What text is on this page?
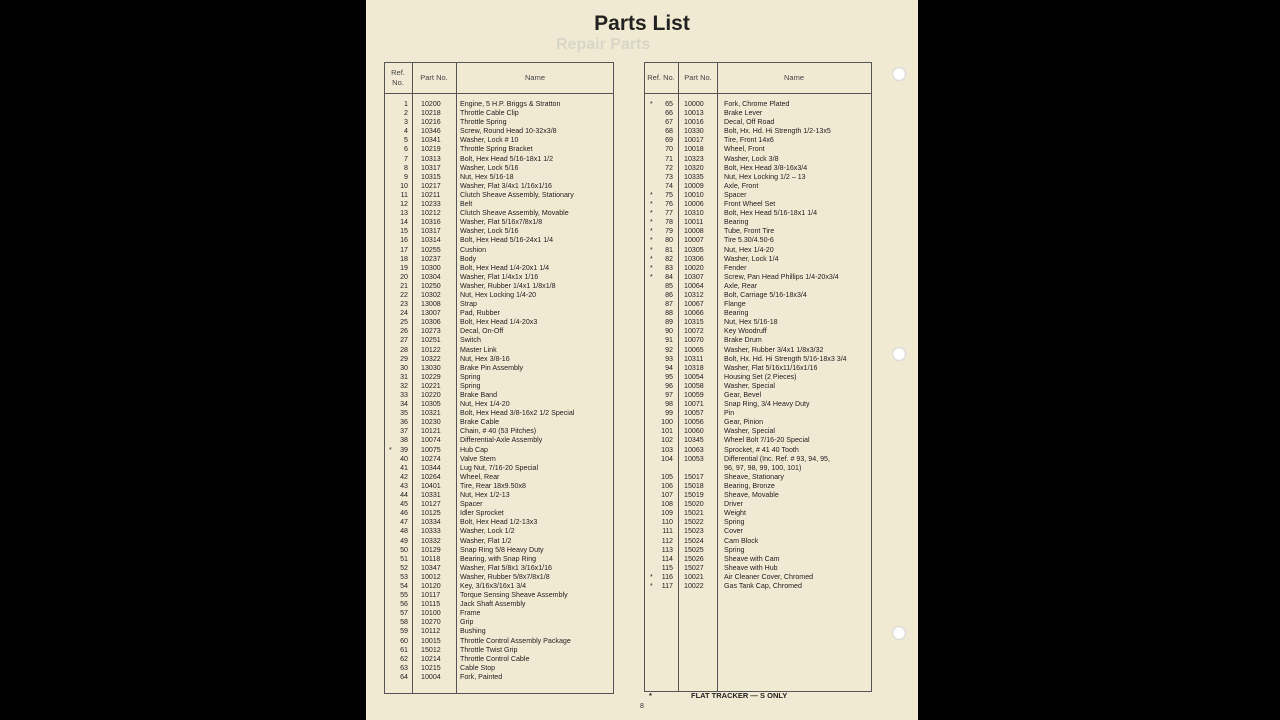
Repair Parts
Parts List
Ref. No.
Part No.	Name
1 10200	Engine, 5 H.P. Briggs & Stratton
2 10218	Throttle Cable Clip
3 10216	Throttle Spring
4 10346	Screw, Round Head 10-32x3/8
5 10341	Washer, Lock # 10
6 10219	Throttle Spring Bracket
7 10313	Bolt, Hex Head 5/16-18x1 1/2
8 10317	Washer, Lock 5/16
9 10315	Nut, Hex 5/16-18
10 10217	Washer, Flat 3/4x1 1/16x1/16
11 10211	Clutch Sheave Assembly, Stationary
12 10233	Belt
13 10212	Clutch Sheave Assembly, Movable
14 10316	Washer, Flat 5/16x7/8x1/8
15 10317	Washer, Lock 5/16
16 10314	Bolt, Hex Head 5/16-24x1 1/4
17 10255	Cushion
18 10237	Body
19 10300	Bolt, Hex Head 1/4-20x1 1/4
20 10304	Washer, Flat 1/4x1x 1/16
21 10250	Washer, Rubber 1/4x1 1/8x1/8
22 10302	Nut, Hex Locking 1/4-20
23 13008	Strap
24 13007	Pad, Rubber
25 10306	Bolt, Hex Head 1/4-20x3
26 10273	Decal, On-Off
27 10251	Switch
28 10122	Master Link
29 10322	Nut, Hex 3/8-16
30 13030	Brake Pin Assembly
31 10229	Spring
32 10221	Spring
33 10220	Brake Band
34 10305	Nut, Hex 1/4-20
35 10321	Bolt, Hex Head 3/8-16x2 1/2 Special
36 10230	Brake Cable
37 10121	Chain, # 40 (53 Pitches)
38 10074	Differential-Axle Assembly
*	39 10075	Hub Cap
40 10274	Valve Stem
41 10344	Lug Nut, 7/16-20 Special
42 10264	Wheel, Rear
43 10401	Tire, Rear 18x9.50x8
44 10331	Nut, Hex 1/2-13
45 10127	Spacer
46 10125	Idler Sprocket
47 10334	Bolt, Hex Head 1/2-13x3
48 10333	Washer, Lock 1/2
49 10332	Washer, Flat 1/2
50 10129	Snap Ring 5/8 Heavy Duty
51 10118	Bearing, with Snap Ring
52 10347	Washer, Flat 5/8x1 3/16x1/16
53 10012	Washer, Rubber 5/8x7/8x1/8
54 10120	Key, 3/16x3/16x1 3/4
55 10117	Torque Sensing Sheave Assembly
56 10115	Jack Shaft Assembly
57 10100	Frame
58 10270	Grip
59 10112	Bushing
60 10015	Throttle Control Assembly Package
61 15012	Throttle Twist Grip
62 10214	Throttle Control Cable
63 10215	Cable Stop
64 10004	Fork, Painted
Ref. No.	Part No.	Name
*	65 10000	Fork, Chrome Plated
66 10013	Brake Lever
67 10016	Decal, Off Road
68 10330	Bolt, Hx. Hd. Hi Strength 1/2-13x5
69 10017	Tire, Front 14x6
70 10018	Wheel, Front
71 10323	Washer, Lock 3/8
72 10320	Bolt, Hex Head 3/8-16x3/4
73 10335	Nut, Hex Locking 1/2 – 13
74 10009	Axle, Front
*	75 10010	Spacer
*	76 10006	Front Wheel Set
*	77 10310	Bolt, Hex Head 5/16-18x1 1/4
*	78 10011	Bearing
*	79 10008	Tube, Front Tire
*	80 10007	Tire 5.30/4.50-6
*	81 10305	Nut, Hex 1/4-20
*	82 10306	Washer, Lock 1/4
*	83 10020	Fender
*	84 10307	Screw, Pan Head Phillips 1/4-20x3/4
85 10064	Axle, Rear
86 10312	Bolt, Carriage 5/16-18x3/4
87 10067	Flange
88 10066	Bearing
89 10315	Nut, Hex 5/16-18
90 10072	Key Woodruff
91 10070	Brake Drum
92 10065	Washer, Rubber 3/4x1 1/8x3/32
93 10311	Bolt, Hx. Hd. Hi Strength 5/16-18x3 3/4
94 10318	Washer, Flat 5/16x11/16x1/16
95 10054	Housing Set (2 Pieces)
96 10058	Washer, Special
97 10059	Gear, Bevel
98 10071	Snap Ring, 3/4 Heavy Duty
99 10057	Pin
100 10056	Gear, Pinion
101 10060	Washer, Special
102 10345	Wheel Bolt 7/16-20 Special
103 10063	Sprocket, # 41 40 Tooth
104 10053	Differential (Inc. Ref. # 93, 94, 95,
96, 97, 98, 99, 100, 101)
105 15017	Sheave, Stationary
106 15018	Bearing, Bronze
107 15019	Sheave, Movable
108 15020	Driver
109 15021	Weight
110 15022	Spring
111 15023	Cover
112 15024	Cam Block
113 15025	Spring
114 15026	Sheave with Cam
115 15027	Sheave with Hub
*	116 10021	Air Cleaner Cover, Chromed
*	117 10022	Gas Tank Cap, Chromed
*	FLAT TRACKER — S ONLY
8
